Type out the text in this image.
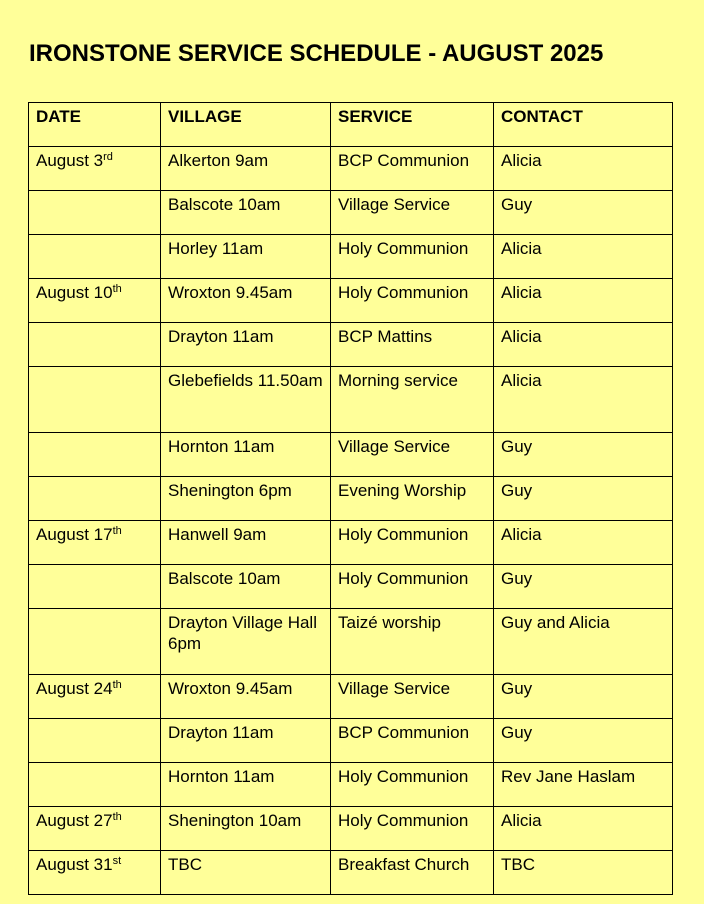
IRONSTONE SERVICE SCHEDULE - AUGUST 2025
DATE	VILLAGE	SERVICE	CONTACT
August 3rd	Alkerton 9am	BCP Communion	Alicia
	Balscote 10am	Village Service	Guy
	Horley 11am	Holy Communion	Alicia
August 10th	Wroxton 9.45am	Holy Communion	Alicia
	Drayton 11am	BCP Mattins	Alicia
	Glebefields 11.50am	Morning service	Alicia
	Hornton 11am	Village Service	Guy
	Shenington 6pm	Evening Worship	Guy
August 17th	Hanwell 9am	Holy Communion	Alicia
	Balscote 10am	Holy Communion	Guy
	Drayton Village Hall 6pm	Taizé worship	Guy and Alicia
August 24th	Wroxton 9.45am	Village Service	Guy
	Drayton 11am	BCP Communion	Guy
	Hornton 11am	Holy Communion	Rev Jane Haslam
August 27th	Shenington 10am	Holy Communion	Alicia
August 31st	TBC	Breakfast Church	TBC
